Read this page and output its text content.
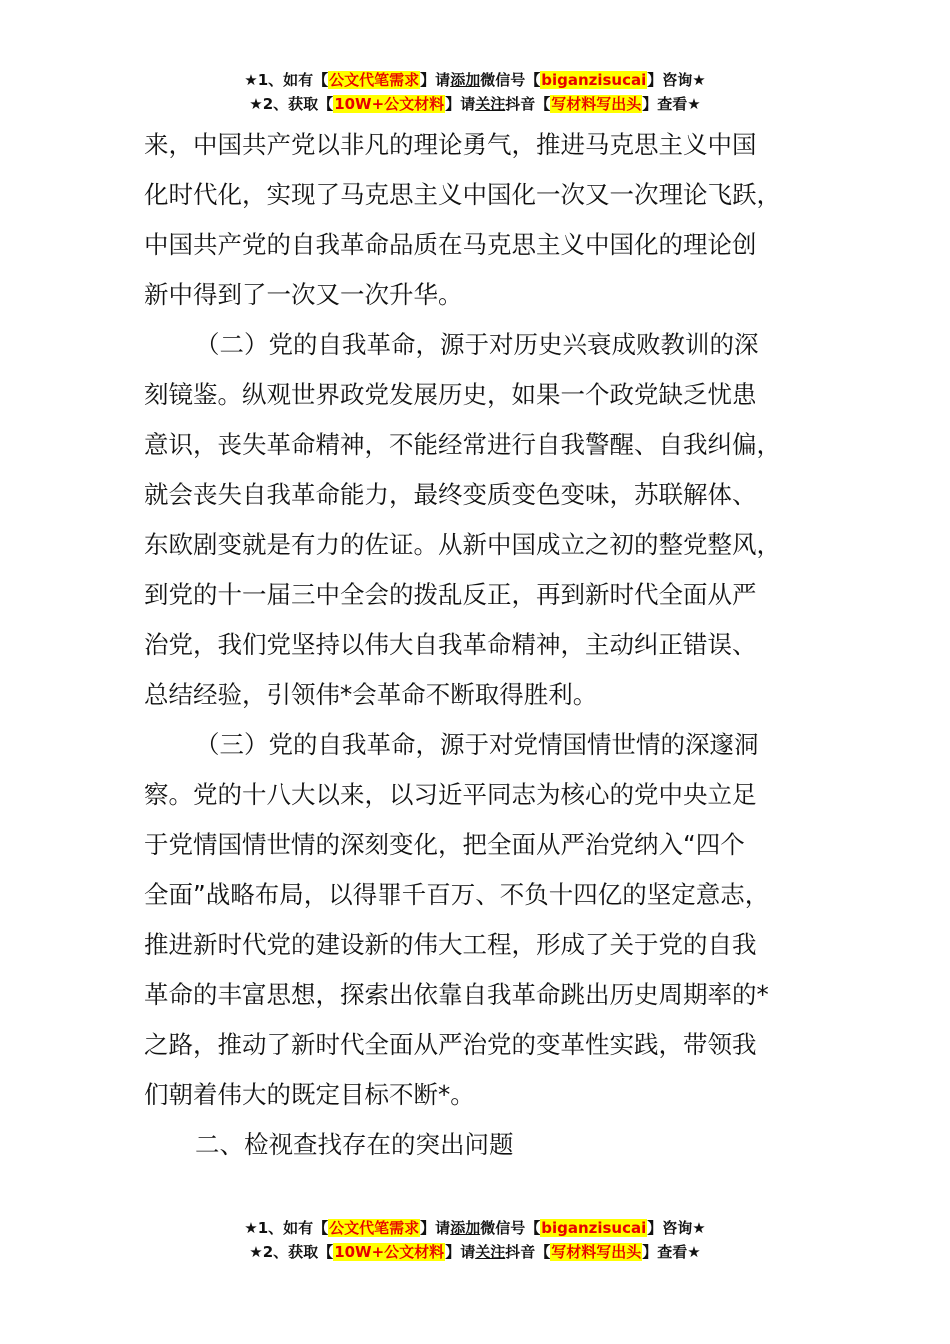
★1、如有【公文代笔需求】请添加微信号【biganzisucai】咨询★
★2、获取【10W+公文材料】请关注抖音【写材料写出头】查看★
来，中国共产党以非凡的理论勇气，推进马克思主义中国
化时代化，实现了马克思主义中国化一次又一次理论飞跃，
中国共产党的自我革命品质在马克思主义中国化的理论创
新中得到了一次又一次升华。
（二）党的自我革命，源于对历史兴衰成败教训的深
刻镜鉴。纵观世界政党发展历史，如果一个政党缺乏忧患
意识，丧失革命精神，不能经常进行自我警醒、自我纠偏，
就会丧失自我革命能力，最终变质变色变味，苏联解体、
东欧剧变就是有力的佐证。从新中国成立之初的整党整风，
到党的十一届三中全会的拨乱反正，再到新时代全面从严
治党，我们党坚持以伟大自我革命精神，主动纠正错误、
总结经验，引领伟*会革命不断取得胜利。
（三）党的自我革命，源于对党情国情世情的深邃洞
察。党的十八大以来，以习近平同志为核心的党中央立足
于党情国情世情的深刻变化，把全面从严治党纳入“四个
全面”战略布局，以得罪千百万、不负十四亿的坚定意志，
推进新时代党的建设新的伟大工程，形成了关于党的自我
革命的丰富思想，探索出依靠自我革命跳出历史周期率的*
之路，推动了新时代全面从严治党的变革性实践，带领我
们朝着伟大的既定目标不断*。
二、检视查找存在的突出问题
★1、如有【公文代笔需求】请添加微信号【biganzisucai】咨询★
★2、获取【10W+公文材料】请关注抖音【写材料写出头】查看★
